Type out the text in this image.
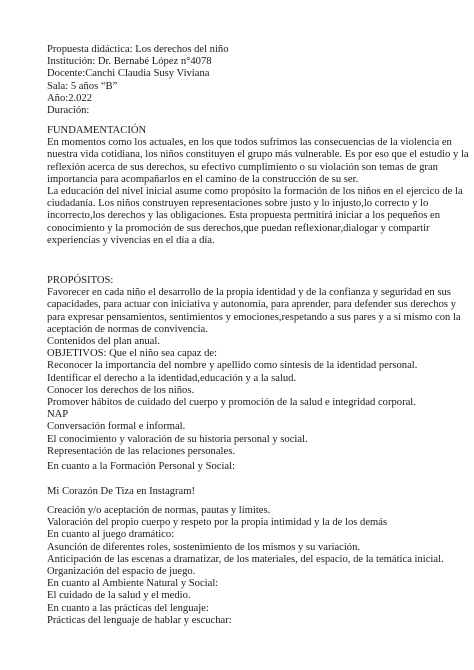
Propuesta didáctica: Los derechos del niño
Institución: Dr. Bernabé López n°4078
Docente:Canchi Claudia Susy Viviana
Sala: 5 años “B”
Año:2.022
Duración:
FUNDAMENTACIÓN
En momentos como los actuales, en los que todos sufrimos las consecuencias de la violencia en
nuestra vida cotidiana, los niños constituyen el grupo más vulnerable. Es por eso que el estudio y la
reflexión acerca de sus derechos, su efectivo cumplimiento o su violación son temas de gran
importancia para acompañarlos en el camino de la construcción de su ser.
La educación del nivel inicial asume como propósito la formación de los niños en el ejercico de la
ciudadanía. Los niños construyen representaciones sobre justo y lo injusto,lo correcto y lo
incorrecto,los derechos y las obligaciones. Esta propuesta permitirá iniciar a los pequeños en
conocimiento y la promoción de sus derechos,que puedan reflexionar,dialogar y compartir
experiencias y vivencias en el día a día.
PROPÓSITOS:
Favorecer en cada niño el desarrollo de la propia identidad y de la confianza y seguridad en sus
capacidades, para actuar con iniciativa y autonomía, para aprender, para defender sus derechos y
para expresar pensamientos, sentimientos y emociones,respetando a sus pares y a sí mismo con la
aceptación de normas de convivencia.
Contenidos del plan anual.
OBJETIVOS: Que el niño sea capaz de:
Reconocer la importancia del nombre y apellido como síntesis de la identidad personal.
Identificar el derecho a la identidad,educación y a la salud.
Conocer los derechos de los niños.
Promover hábitos de cuidado del cuerpo y promoción de la salud e integridad corporal.
NAP
Conversación formal e informal.
El conocimiento y valoración de su historia personal y social.
Representación de las relaciones personales.
En cuanto a la Formación Personal y Social:
Mi Corazón De Tiza en Instagram!
Creación y/o aceptación de normas, pautas y límites.
Valoración del propio cuerpo y respeto por la propia intimidad y la de los demás
En cuanto al juego dramático:
Asunción de diferentes roles, sostenimiento de los mismos y su variación.
Anticipación de las escenas a dramatizar, de los materiales, del espacio, de la temática inicial.
Organización del espacio de juego.
En cuanto al Ambiente Natural y Social:
El cuidado de la salud y el medio.
En cuanto a las prácticas del lenguaje:
Prácticas del lenguaje de hablar y escuchar:
